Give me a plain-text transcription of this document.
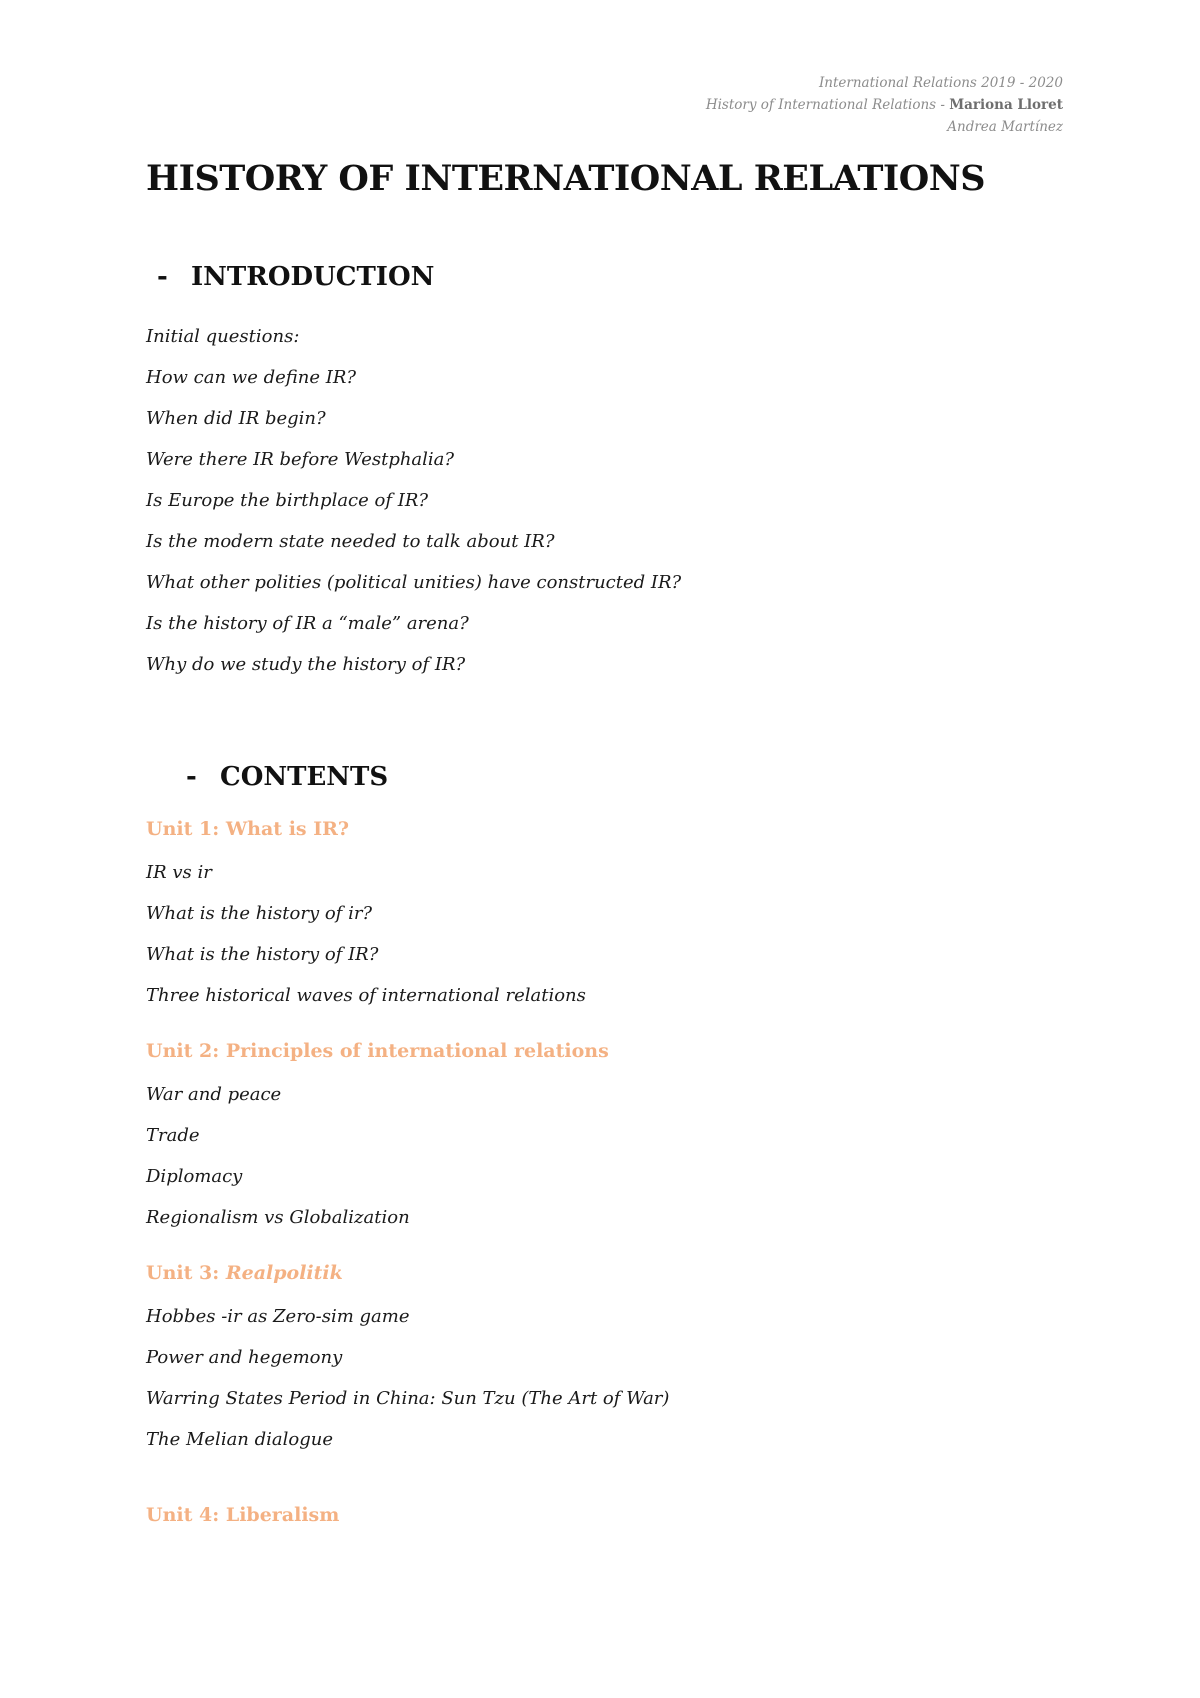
International Relations 2019 - 2020
History of International Relations - Mariona Lloret
Andrea Martínez
HISTORY OF INTERNATIONAL RELATIONS
- INTRODUCTION
Initial questions:
How can we define IR?
When did IR begin?
Were there IR before Westphalia?
Is Europe the birthplace of IR?
Is the modern state needed to talk about IR?
What other polities (political unities) have constructed IR?
Is the history of IR a “male” arena?
Why do we study the history of IR?
- CONTENTS
Unit 1: What is IR?
IR vs ir
What is the history of ir?
What is the history of IR?
Three historical waves of international relations
Unit 2: Principles of international relations
War and peace
Trade
Diplomacy
Regionalism vs Globalization
Unit 3: Realpolitik
Hobbes -ir as Zero-sim game
Power and hegemony
Warring States Period in China: Sun Tzu (The Art of War)
The Melian dialogue
Unit 4: Liberalism
